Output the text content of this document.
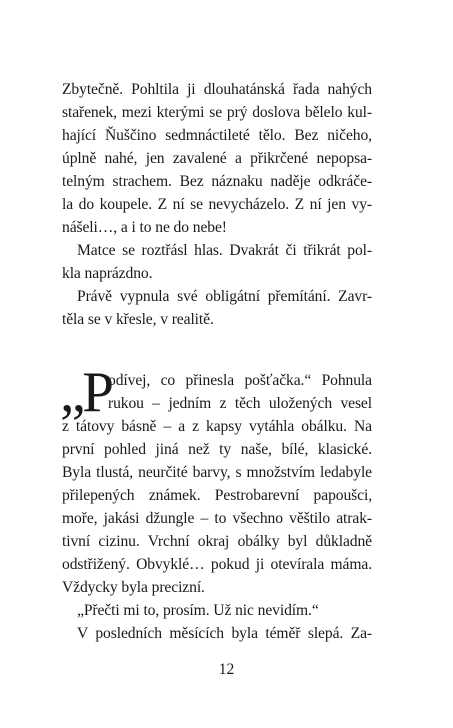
Zbytečně. Pohltila ji dlouhatánská řada nahých
stařenek, mezi kterými se prý doslova bělelo kul-
hající Ňuščino sedmnáctileté tělo. Bez ničeho,
úplně nahé, jen zavalené a přikrčené nepopsa-
telným strachem. Bez náznaku naděje odkráče-
la do koupele. Z ní se nevycházelo. Z ní jen vy-
nášeli…, a i to ne do nebe!
Matce se roztřásl hlas. Dvakrát či třikrát pol-
kla naprázdno.
Právě vypnula své obligátní přemítání. Zavr-
těla se v křesle, v realitě.
„P
odívej, co přinesla pošťačka.“ Pohnula
rukou – jedním z těch uložených vesel
z tátovy básně – a z kapsy vytáhla obálku. Na
první pohled jiná než ty naše, bílé, klasické.
Byla tlustá, neurčité barvy, s množstvím ledabyle
přilepených známek. Pestrobarevní papoušci,
moře, jakási džungle – to všechno věštilo atrak-
tivní cizinu. Vrchní okraj obálky byl důkladně
odstřižený. Obvyklé… pokud ji otevírala máma.
Vždycky byla precizní.
„Přečti mi to, prosím. Už nic nevidím.“
V posledních měsících byla téměř slepá. Za-
12
